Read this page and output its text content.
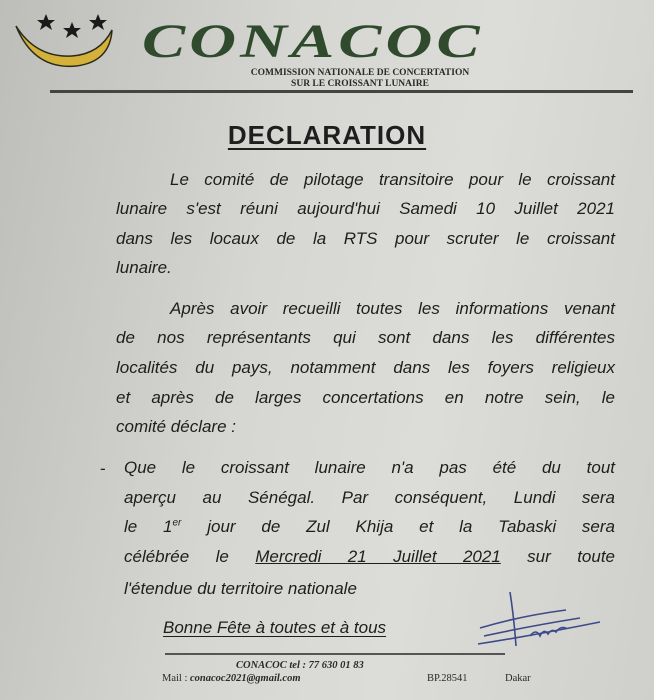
CONACOC
COMMISSION NATIONALE DE CONCERTATION
SUR LE CROISSANT LUNAIRE
DECLARATION
Le comité de pilotage transitoire pour le croissant
lunaire s'est réuni aujourd'hui Samedi 10 Juillet 2021
dans les locaux de la RTS pour scruter le croissant
lunaire.
Après avoir recueilli toutes les informations venant
de nos représentants qui sont dans les différentes
localités du pays, notamment dans les foyers religieux
et après de larges concertations en notre sein, le
comité déclare :
- Que le croissant lunaire n'a pas été du tout
aperçu au Sénégal. Par conséquent, Lundi sera
le 1er jour de Zul Khija et la Tabaski sera
célébrée le Mercredi 21 Juillet 2021 sur toute
l'étendue du territoire nationale
Bonne Fête à toutes et à tous
CONACOC tel : 77 630 01 83
Mail : conacoc2021@gmail.com	BP.28541	Dakar
